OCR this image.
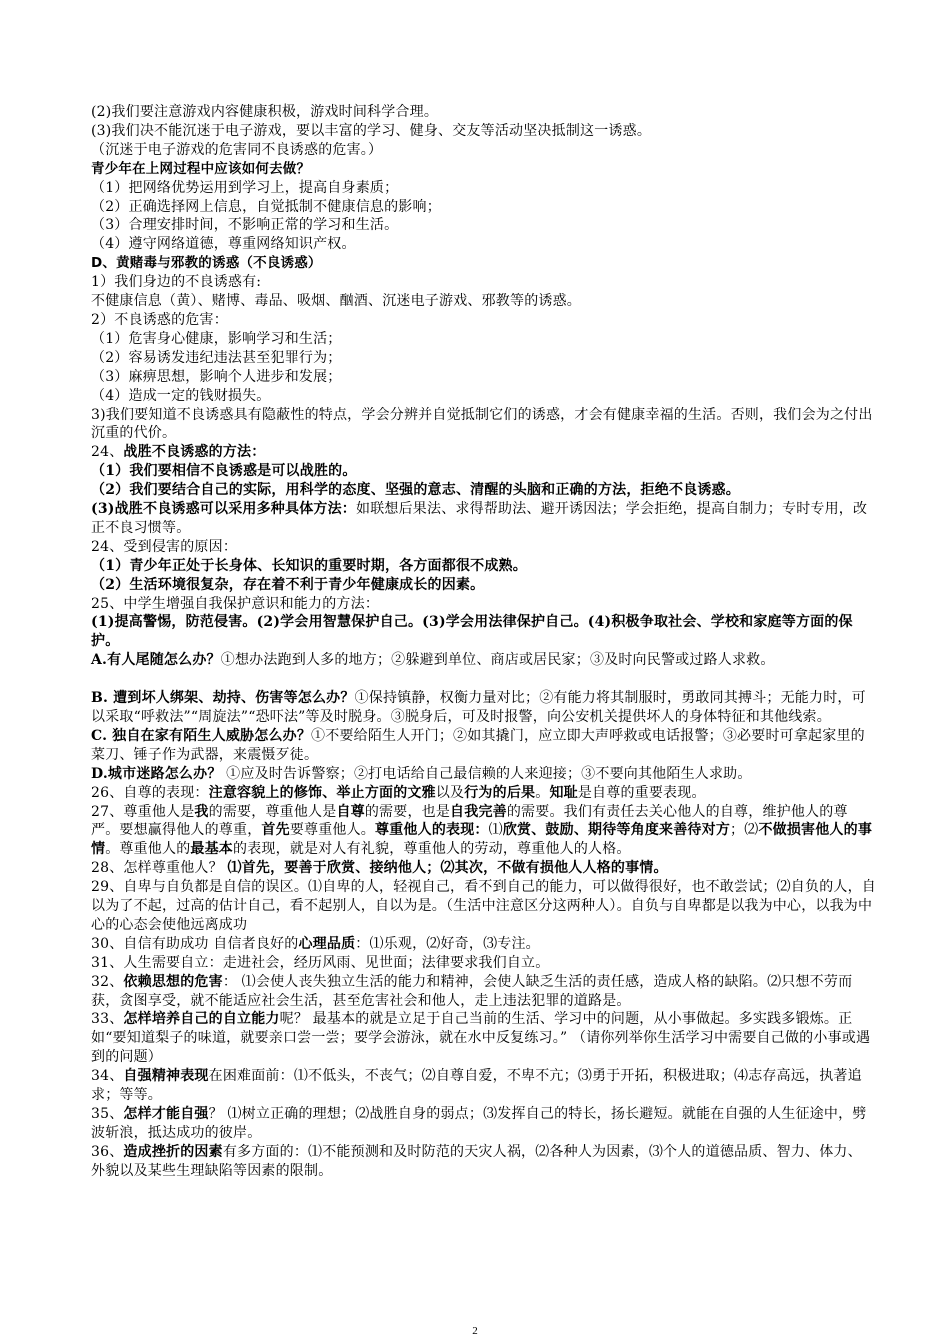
(2)我们要注意游戏内容健康积极，游戏时间科学合理。

(3)我们决不能沉迷于电子游戏，要以丰富的学习、健身、交友等活动坚决抵制这一诱惑。

（沉迷于电子游戏的危害同不良诱惑的危害。）

青少年在上网过程中应该如何去做？

（1）把网络优势运用到学习上，提高自身素质；

（2）正确选择网上信息，自觉抵制不健康信息的影响；

（3）合理安排时间，不影响正常的学习和生活。

（4）遵守网络道德，尊重网络知识产权。

D、黄赌毒与邪教的诱惑（不良诱惑）

1）我们身边的不良诱惑有:

不健康信息（黄）、赌博、毒品、吸烟、酗酒、沉迷电子游戏、邪教等的诱惑。

2）不良诱惑的危害：

（1）危害身心健康，影响学习和生活；

（2）容易诱发违纪违法甚至犯罪行为；

（3）麻痹思想，影响个人进步和发展；

（4）造成一定的钱财损失。

3)我们要知道不良诱惑具有隐蔽性的特点，学会分辨并自觉抵制它们的诱惑，才会有健康幸福的生活。否则，我们会为之付出沉重的代价。

24、战胜不良诱惑的方法：

（1）我们要相信不良诱惑是可以战胜的。

（2）我们要结合自己的实际，用科学的态度、坚强的意志、清醒的头脑和正确的方法，拒绝不良诱惑。

(3)战胜不良诱惑可以采用多种具体方法：如联想后果法、求得帮助法、避开诱因法；学会拒绝，提高自制力；专时专用，改正不良习惯等。

24、受到侵害的原因：

（1）青少年正处于长身体、长知识的重要时期，各方面都很不成熟。

（2）生活环境很复杂，存在着不利于青少年健康成长的因素。

25、中学生增强自我保护意识和能力的方法：

(1)提高警惕，防范侵害。(2)学会用智慧保护自己。(3)学会用法律保护自己。(4)积极争取社会、学校和家庭等方面的保护。

A.有人尾随怎么办？①想办法跑到人多的地方；②躲避到单位、商店或居民家；③及时向民警或过路人求救。

B. 遭到坏人绑架、劫持、伤害等怎么办？①保持镇静，权衡力量对比；②有能力将其制服时，勇敢同其搏斗；无能力时，可以采取“呼救法”“周旋法”“恐吓法”等及时脱身。③脱身后，可及时报警，向公安机关提供坏人的身体特征和其他线索。

C. 独自在家有陌生人威胁怎么办？①不要给陌生人开门；②如其撬门，应立即大声呼救或电话报警；③必要时可拿起家里的菜刀、锤子作为武器，来震慑歹徒。

D.城市迷路怎么办？ ①应及时告诉警察；②打电话给自己最信赖的人来迎接；③不要向其他陌生人求助。

26、自尊的表现：注意容貌上的修饰、举止方面的文雅以及行为的后果。知耻是自尊的重要表现。

27、尊重他人是我的需要，尊重他人是自尊的需要，也是自我完善的需要。我们有责任去关心他人的自尊，维护他人的尊严。要想赢得他人的尊重，首先要尊重他人。尊重他人的表现：⑴欣赏、鼓励、期待等角度来善待对方；⑵不做损害他人的事情。尊重他人的最基本的表现，就是对人有礼貌，尊重他人的劳动，尊重他人的人格。

28、怎样尊重他人？ ⑴首先，要善于欣赏、接纳他人；⑵其次，不做有损他人人格的事情。

29、自卑与自负都是自信的误区。⑴自卑的人，轻视自己，看不到自己的能力，可以做得很好，也不敢尝试；⑵自负的人，自以为了不起，过高的估计自己，看不起别人，自以为是。（生活中注意区分这两种人）。自负与自卑都是以我为中心，以我为中心的心态会使他远离成功

30、自信有助成功 自信者良好的心理品质：⑴乐观，⑵好奇，⑶专注。

31、人生需要自立：走进社会，经历风雨、见世面；法律要求我们自立。

32、依赖思想的危害： ⑴会使人丧失独立生活的能力和精神，会使人缺乏生活的责任感，造成人格的缺陷。⑵只想不劳而获，贪图享受，就不能适应社会生活，甚至危害社会和他人，走上违法犯罪的道路是。

33、怎样培养自己的自立能力呢？ 最基本的就是立足于自己当前的生活、学习中的问题，从小事做起。多实践多锻炼。正如“要知道梨子的味道，就要亲口尝一尝；要学会游泳，就在水中反复练习。” （请你列举你生活学习中需要自己做的小事或遇到的问题）

34、自强精神表现在困难面前：⑴不低头，不丧气；⑵自尊自爱，不卑不亢；⑶勇于开拓，积极进取；⑷志存高远，执著追求；等等。

35、怎样才能自强？ ⑴树立正确的理想；⑵战胜自身的弱点；⑶发挥自己的特长，扬长避短。就能在自强的人生征途中，劈波斩浪，抵达成功的彼岸。

36、造成挫折的因素有多方面的：⑴不能预测和及时防范的天灾人祸，⑵各种人为因素，⑶个人的道德品质、智力、体力、外貌以及某些生理缺陷等因素的限制。

2
